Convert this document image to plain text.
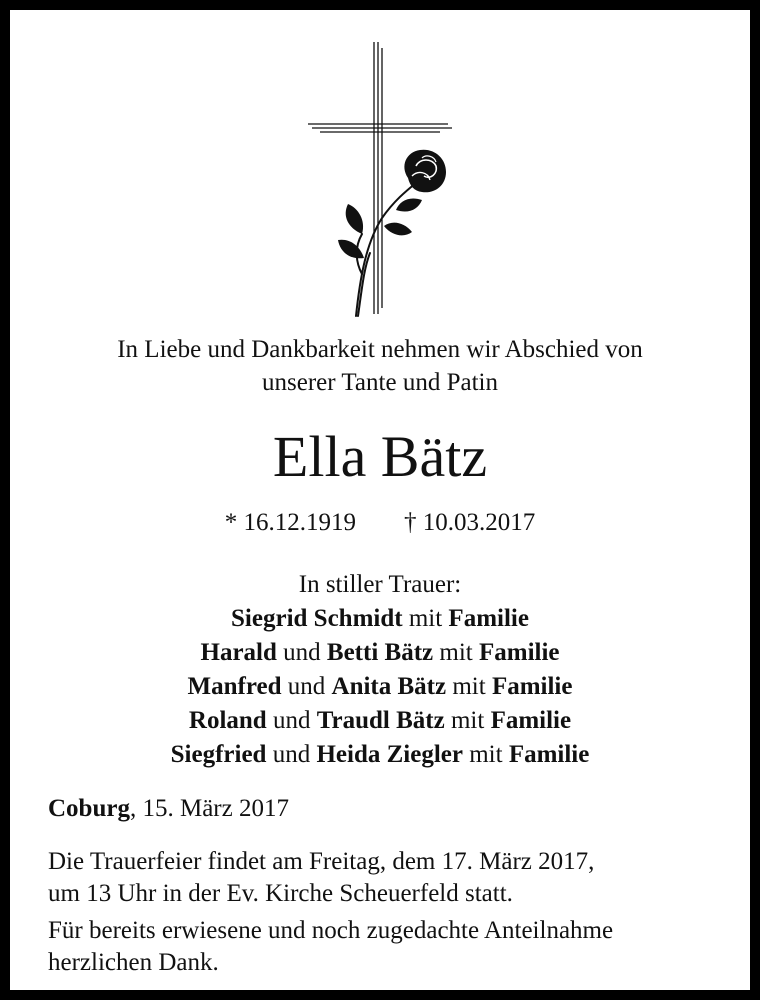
In Liebe und Dankbarkeit nehmen wir Abschied von
unserer Tante und Patin
Ella Bätz
* 16.12.1919 † 10.03.2017
In stiller Trauer:
Siegrid Schmidt mit Familie
Harald und Betti Bätz mit Familie
Manfred und Anita Bätz mit Familie
Roland und Traudl Bätz mit Familie
Siegfried und Heida Ziegler mit Familie
Coburg, 15. März 2017
Die Trauerfeier findet am Freitag, dem 17. März 2017,
um 13 Uhr in der Ev. Kirche Scheuerfeld statt.
Für bereits erwiesene und noch zugedachte Anteilnahme
herzlichen Dank.
